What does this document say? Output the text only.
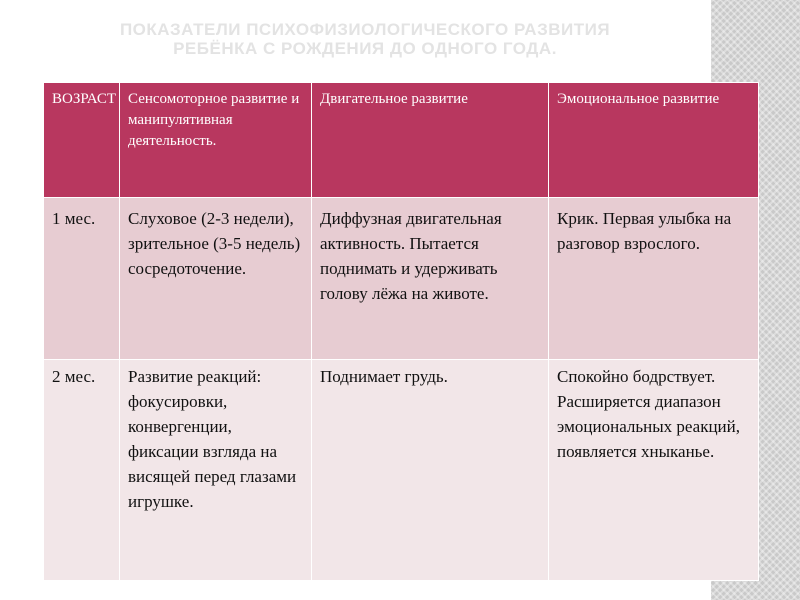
ПОКАЗАТЕЛИ ПСИХОФИЗИОЛОГИЧЕСКОГО РАЗВИТИЯ
РЕБЁНКА С РОЖДЕНИЯ ДО ОДНОГО ГОДА.
ВОЗРАСТ	Сенсомоторное развитие и манипулятивная деятельность.	Двигательное развитие	Эмоциональное развитие
1 мес.	Слуховое (2-3 недели), зрительное (3-5 недель) сосредоточение.	Диффузная двигательная активность. Пытается поднимать и удерживать голову лёжа на животе.	Крик. Первая улыбка на разговор взрослого.
2 мес.	Развитие реакций: фокусировки, конвергенции, фиксации взгляда на висящей перед глазами игрушке.	Поднимает грудь.	Спокойно бодрствует. Расширяется диапазон эмоциональных реакций, появляется хныканье.
